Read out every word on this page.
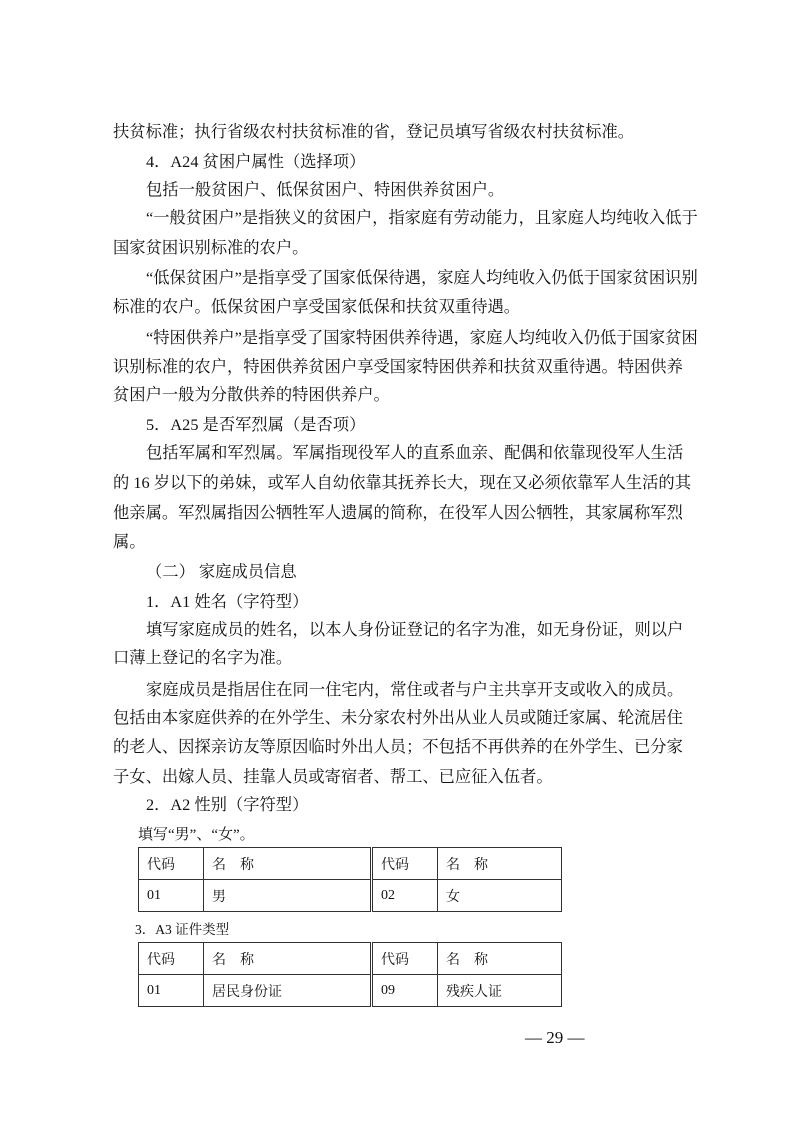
扶贫标准；执行省级农村扶贫标准的省，登记员填写省级农村扶贫标准。
4．A24 贫困户属性（选择项）
包括一般贫困户、低保贫困户、特困供养贫困户。
“一般贫困户”是指狭义的贫困户，指家庭有劳动能力，且家庭人均纯收入低于
国家贫困识别标准的农户。
“低保贫困户”是指享受了国家低保待遇，家庭人均纯收入仍低于国家贫困识别
标准的农户。低保贫困户享受国家低保和扶贫双重待遇。
“特困供养户”是指享受了国家特困供养待遇，家庭人均纯收入仍低于国家贫困
识别标准的农户，特困供养贫困户享受国家特困供养和扶贫双重待遇。特困供养
贫困户一般为分散供养的特困供养户。
5．A25 是否军烈属（是否项）
包括军属和军烈属。军属指现役军人的直系血亲、配偶和依靠现役军人生活
的 16 岁以下的弟妹，或军人自幼依靠其抚养长大，现在又必须依靠军人生活的其
他亲属。军烈属指因公牺牲军人遗属的简称，在役军人因公牺牲，其家属称军烈
属。
（二） 家庭成员信息
1．A1 姓名（字符型）
填写家庭成员的姓名，以本人身份证登记的名字为准，如无身份证，则以户
口薄上登记的名字为准。
家庭成员是指居住在同一住宅内，常住或者与户主共享开支或收入的成员。
包括由本家庭供养的在外学生、未分家农村外出从业人员或随迁家属、轮流居住
的老人、因探亲访友等原因临时外出人员；不包括不再供养的在外学生、已分家
子女、出嫁人员、挂靠人员或寄宿者、帮工、已应征入伍者。
2．A2 性别（字符型）
填写“男”、“女”。
代码	名　称	代码	名　称
01	男	02	女
3．A3 证件类型
代码	名　称	代码	名　称
01	居民身份证	09	残疾人证
— 29 —
